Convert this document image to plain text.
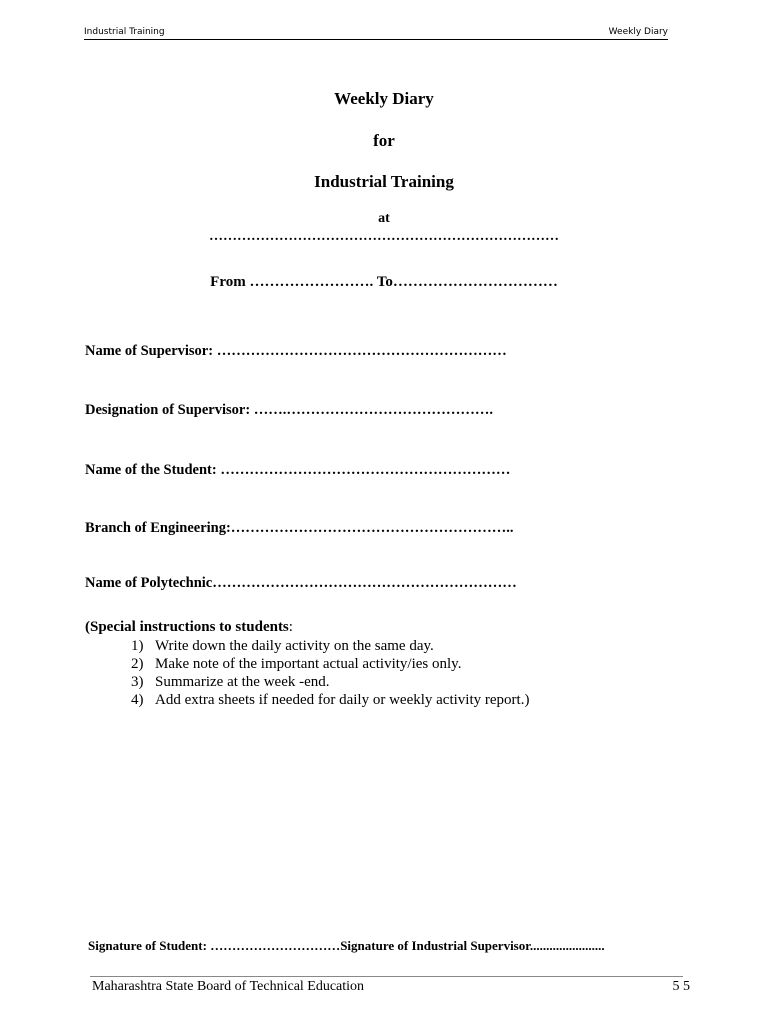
Industrial Training	Weekly Diary
Weekly Diary
for
Industrial Training
at
…………………………………………………………………
From ……………………. To……………………………
Name of Supervisor: ……………………………………………………
Designation of Supervisor: …….…………………………………….
Name of the Student: ……………………………………………………
Branch of Engineering:…………………………………………………..
Name of Polytechnic………………………………………………………
(Special instructions to students:
1) Write down the daily activity on the same day.
2) Make note of the important actual activity/ies only.
3) Summarize at the week -end.
4) Add extra sheets if needed for daily or weekly activity report.)
Signature of Student: …………………………Signature of Industrial Supervisor.......................
Maharashtra State Board of Technical Education	5 5
